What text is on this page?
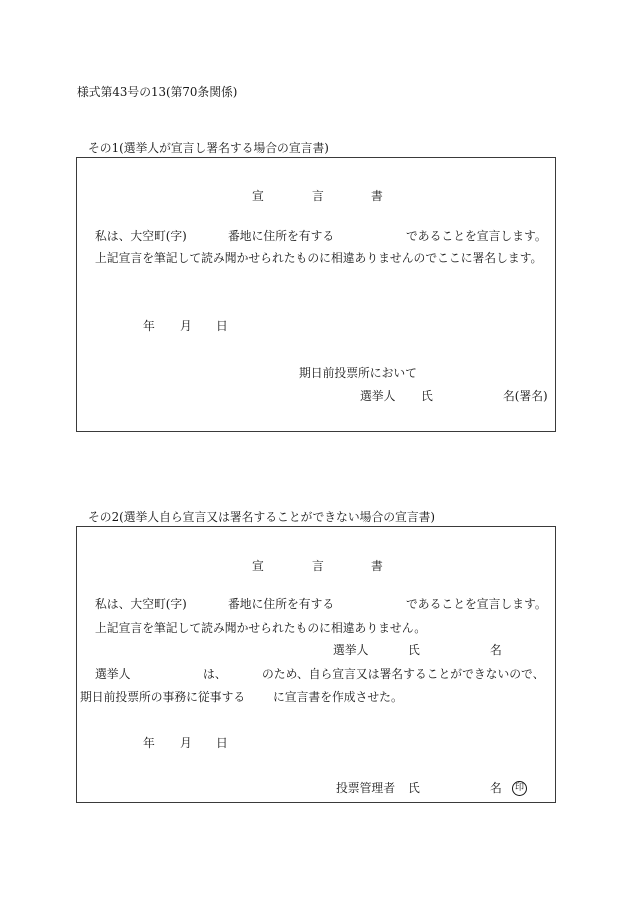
様式第43号の13(第70条関係)
その1(選挙人が宣言し署名する場合の宣言書)
宣	言	書
私は、大空町(字)	番地に住所を有する	であることを宣言します。
上記宣言を筆記して読み聞かせられたものに相違ありませんのでここに署名します。
年 月 日
期日前投票所において
選挙人 氏	名(署名)
その2(選挙人自ら宣言又は署名することができない場合の宣言書)
宣	言	書
私は、大空町(字)	番地に住所を有する	であることを宣言します。
上記宣言を筆記して読み聞かせられたものに相違ありません。
選挙人	氏	名
選挙人	は、	のため、自ら宣言又は署名することができないので、
期日前投票所の事務に従事する に宣言書を作成させた。
年 月 日
投票管理者 氏	名	印
